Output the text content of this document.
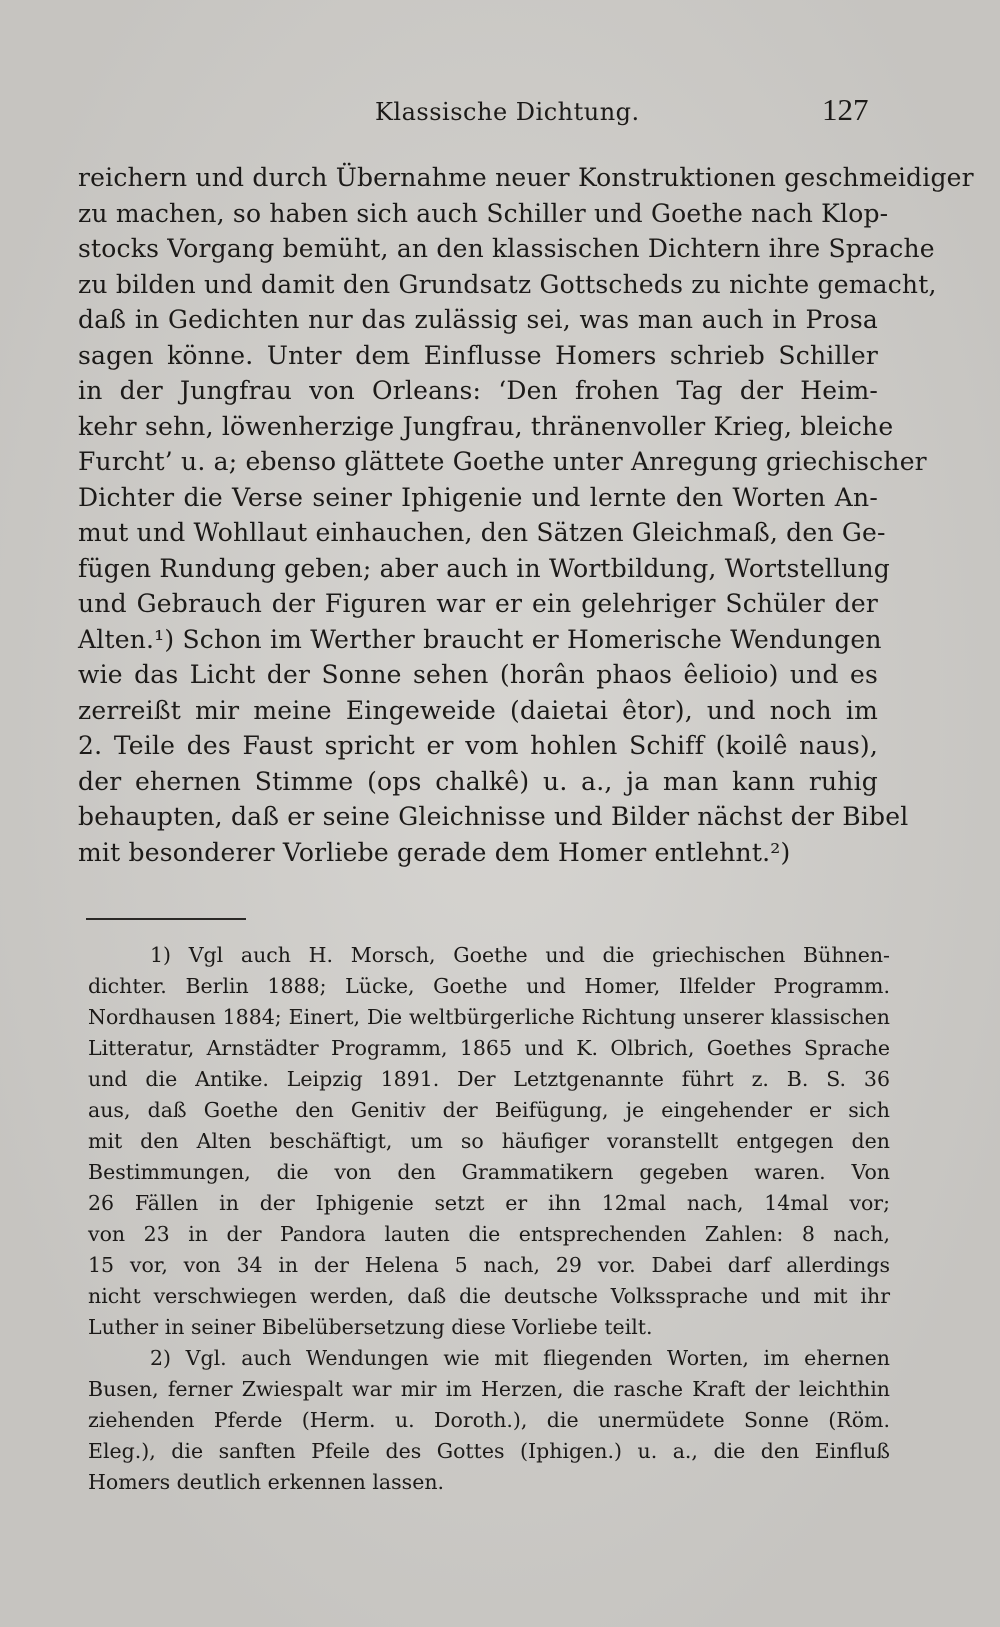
Klassische Dichtung.	127
reichern und durch Übernahme neuer Konstruktionen geschmeidiger
zu machen, so haben sich auch Schiller und Goethe nach Klop-
stocks Vorgang bemüht, an den klassischen Dichtern ihre Sprache
zu bilden und damit den Grundsatz Gottscheds zu nichte gemacht,
daß in Gedichten nur das zulässig sei, was man auch in Prosa
sagen könne. Unter dem Einflusse Homers schrieb Schiller
in der Jungfrau von Orleans: ‘Den frohen Tag der Heim-
kehr sehn, löwenherzige Jungfrau, thränenvoller Krieg, bleiche
Furcht’ u. a; ebenso glättete Goethe unter Anregung griechischer
Dichter die Verse seiner Iphigenie und lernte den Worten An-
mut und Wohllaut einhauchen, den Sätzen Gleichmaß, den Ge-
fügen Rundung geben; aber auch in Wortbildung, Wortstellung
und Gebrauch der Figuren war er ein gelehriger Schüler der
Alten.¹) Schon im Werther braucht er Homerische Wendungen
wie das Licht der Sonne sehen (horân phaos êelioio) und es
zerreißt mir meine Eingeweide (daietai êtor), und noch im
2. Teile des Faust spricht er vom hohlen Schiff (koilê naus),
der ehernen Stimme (ops chalkê) u. a., ja man kann ruhig
behaupten, daß er seine Gleichnisse und Bilder nächst der Bibel
mit besonderer Vorliebe gerade dem Homer entlehnt.²)
1) Vgl auch H. Morsch, Goethe und die griechischen Bühnen-
dichter. Berlin 1888; Lücke, Goethe und Homer, Ilfelder Programm.
Nordhausen 1884; Einert, Die weltbürgerliche Richtung unserer klassischen
Litteratur, Arnstädter Programm, 1865 und K. Olbrich, Goethes Sprache
und die Antike. Leipzig 1891. Der Letztgenannte führt z. B. S. 36
aus, daß Goethe den Genitiv der Beifügung, je eingehender er sich
mit den Alten beschäftigt, um so häufiger voranstellt entgegen den
Bestimmungen, die von den Grammatikern gegeben waren. Von
26 Fällen in der Iphigenie setzt er ihn 12mal nach, 14mal vor;
von 23 in der Pandora lauten die entsprechenden Zahlen: 8 nach,
15 vor, von 34 in der Helena 5 nach, 29 vor. Dabei darf allerdings
nicht verschwiegen werden, daß die deutsche Volkssprache und mit ihr
Luther in seiner Bibelübersetzung diese Vorliebe teilt.
2) Vgl. auch Wendungen wie mit fliegenden Worten, im ehernen
Busen, ferner Zwiespalt war mir im Herzen, die rasche Kraft der leichthin
ziehenden Pferde (Herm. u. Doroth.), die unermüdete Sonne (Röm.
Eleg.), die sanften Pfeile des Gottes (Iphigen.) u. a., die den Einfluß
Homers deutlich erkennen lassen.
